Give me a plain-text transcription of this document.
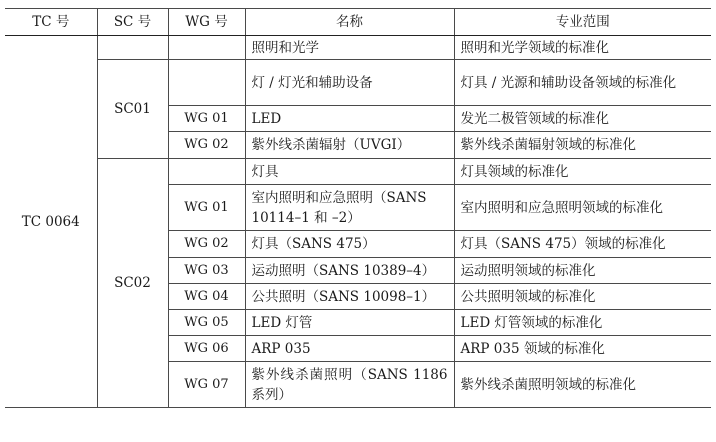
TC 号	SC 号	WG 号	名称	专业范围
TC 0064			照明和光学	照明和光学领域的标准化
	SC01		灯 / 灯光和辅助设备	灯具 / 光源和辅助设备领域的标准化
		WG 01	LED	发光二极管领域的标准化
		WG 02	紫外线杀菌辐射（UVGI）	紫外线杀菌辐射领域的标准化
	SC02		灯具	灯具领域的标准化
		WG 01	室内照明和应急照明（SANS 10114–1 和 –2）	室内照明和应急照明领域的标准化
		WG 02	灯具（SANS 475）	灯具（SANS 475）领域的标准化
		WG 03	运动照明（SANS 10389–4）	运动照明领域的标准化
		WG 04	公共照明（SANS 10098–1）	公共照明领域的标准化
		WG 05	LED 灯管	LED 灯管领域的标准化
		WG 06	ARP 035	ARP 035 领域的标准化
		WG 07	紫外线杀菌照明（SANS 1186 系列）	紫外线杀菌照明领域的标准化
